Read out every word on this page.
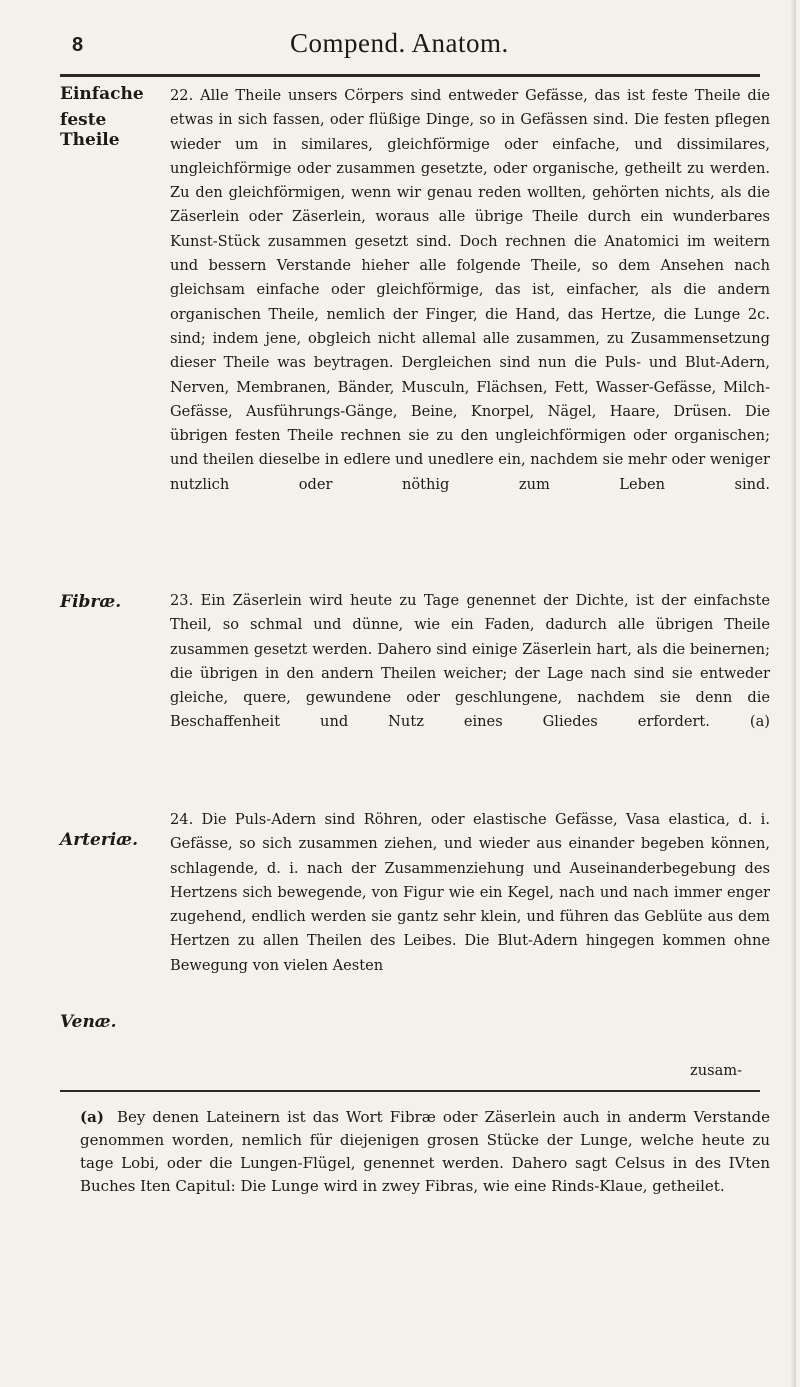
8	Compend. Anatom.
Einfache
feste Theile
22. Alle Theile unsers Cörpers sind entweder Gefässe, das ist feste Theile die etwas in sich fassen, oder flüßige Dinge, so in Gefässen sind. Die festen pflegen wieder um in similares, gleichförmige oder einfache, und dissimilares, ungleichförmige oder zusammen gesetzte, oder organische, getheilt zu werden. Zu den gleichförmigen, wenn wir genau reden wollten, gehörten nichts, als die Zäserlein oder Zäserlein, woraus alle übrige Theile durch ein wunderbares Kunst-Stück zusammen gesetzt sind. Doch rechnen die Anatomici im weitern und bessern Verstande hieher alle folgende Theile, so dem Ansehen nach gleichsam einfache oder gleichförmige, das ist, einfacher, als die andern organischen Theile, nemlich der Finger, die Hand, das Hertze, die Lunge 2c. sind; indem jene, obgleich nicht allemal alle zusammen, zu Zusammensetzung dieser Theile was beytragen. Dergleichen sind nun die Puls- und Blut-Adern, Nerven, Membranen, Bänder, Musculn, Flächsen, Fett, Wasser-Gefässe, Milch-Gefässe, Ausführungs-Gänge, Beine, Knorpel, Nägel, Haare, Drüsen. Die übrigen festen Theile rechnen sie zu den ungleichförmigen oder organischen; und theilen dieselbe in edlere und unedlere ein, nachdem sie mehr oder weniger nutzlich oder nöthig zum Leben sind.
Fibræ.	23. Ein Zäserlein wird heute zu Tage genennet der Dichte, ist der einfachste Theil, so schmal und dünne, wie ein Faden, dadurch alle übrigen Theile zusammen gesetzt werden. Dahero sind einige Zäserlein hart, als die beinernen; die übrigen in den andern Theilen weicher; der Lage nach sind sie entweder gleiche, quere, gewundene oder geschlungene, nachdem sie denn die Beschaffenheit und Nutz eines Gliedes erfordert. (a)
Arteriæ.
Venæ.
24. Die Puls-Adern sind Röhren, oder elastische Gefässe, Vasa elastica, d. i. Gefässe, so sich zusammen ziehen, und wieder aus einander begeben können, schlagende, d. i. nach der Zusammenziehung und Auseinanderbegebung des Hertzens sich bewegende, von Figur wie ein Kegel, nach und nach immer enger zugehend, endlich werden sie gantz sehr klein, und führen das Geblüte aus dem Hertzen zu allen Theilen des Leibes. Die Blut-Adern hingegen kommen ohne Bewegung von vielen Aesten
zusam-
(a) Bey denen Lateinern ist das Wort Fibræ oder Zäserlein auch in anderm Verstande genommen worden, nemlich für diejenigen grosen Stücke der Lunge, welche heute zu tage Lobi, oder die Lungen-Flügel, genennet werden. Dahero sagt Celsus in des IVten Buches Iten Capitul: Die Lunge wird in zwey Fibras, wie eine Rinds-Klaue, getheilet.
